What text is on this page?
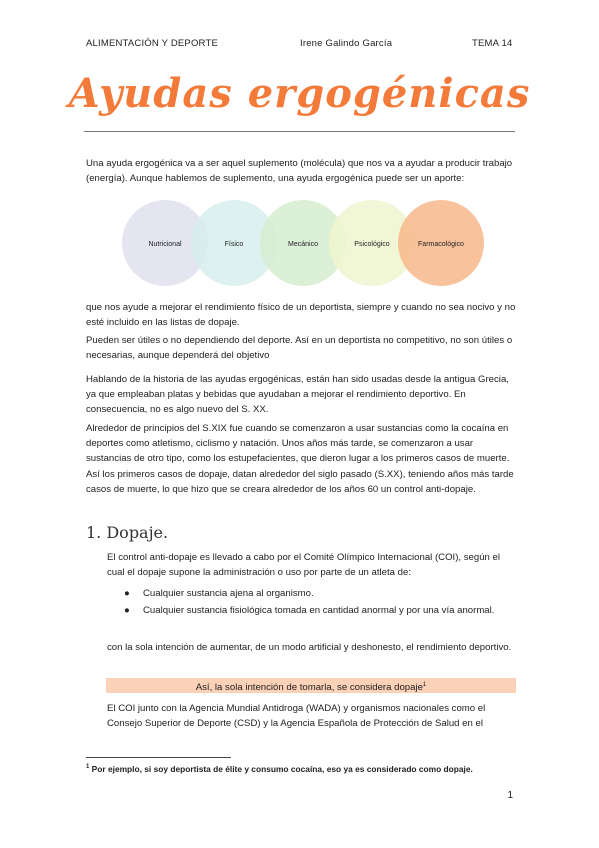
ALIMENTACIÓN Y DEPORTE	Irene Galindo García	TEMA 14
Ayudas ergogénicas

Una ayuda ergogénica va a ser aquel suplemento (molécula) que nos va a ayudar a producir trabajo (energía). Aunque hablemos de suplemento, una ayuda ergogénica puede ser un aporte:

Nutricional	Físico	Mecánico	Psicológico	Farmacológico

que nos ayude a mejorar el rendimiento físico de un deportista, siempre y cuando no sea nocivo y no esté incluido en las listas de dopaje.

Pueden ser útiles o no dependiendo del deporte. Así en un deportista no competitivo, no son útiles o necesarias, aunque dependerá del objetivo

Hablando de la historia de las ayudas ergogénicas, están han sido usadas desde la antigua Grecia, ya que empleaban platas y bebidas que ayudaban a mejorar el rendimiento deportivo. En consecuencia, no es algo nuevo del S. XX.

Alrededor de principios del S.XIX fue cuando se comenzaron a usar sustancias como la cocaína en deportes como atletismo, ciclismo y natación. Unos años más tarde, se comenzaron a usar sustancias de otro tipo, como los estupefacientes, que dieron lugar a los primeros casos de muerte. Así los primeros casos de dopaje, datan alrededor del siglo pasado (S.XX), teniendo años más tarde casos de muerte, lo que hizo que se creara alrededor de los años 60 un control anti-dopaje.

1. Dopaje.

El control anti-dopaje es llevado a cabo por el Comité Olímpico Internacional (COI), según el cual el dopaje supone la administración o uso por parte de un atleta de:

● Cualquier sustancia ajena al organismo.
● Cualquier sustancia fisiológica tomada en cantidad anormal y por una vía anormal.

con la sola intención de aumentar, de un modo artificial y deshonesto, el rendimiento deportivo.

Así, la sola intención de tomarla, se considera dopaje$^1$

El COI junto con la Agencia Mundial Antidroga (WADA) y organismos nacionales como el Consejo Superior de Deporte (CSD) y la Agencia Española de Protección de Salud en el

$^1$ Por ejemplo, si soy deportista de élite y consumo cocaína, eso ya es considerado como dopaje.
1
